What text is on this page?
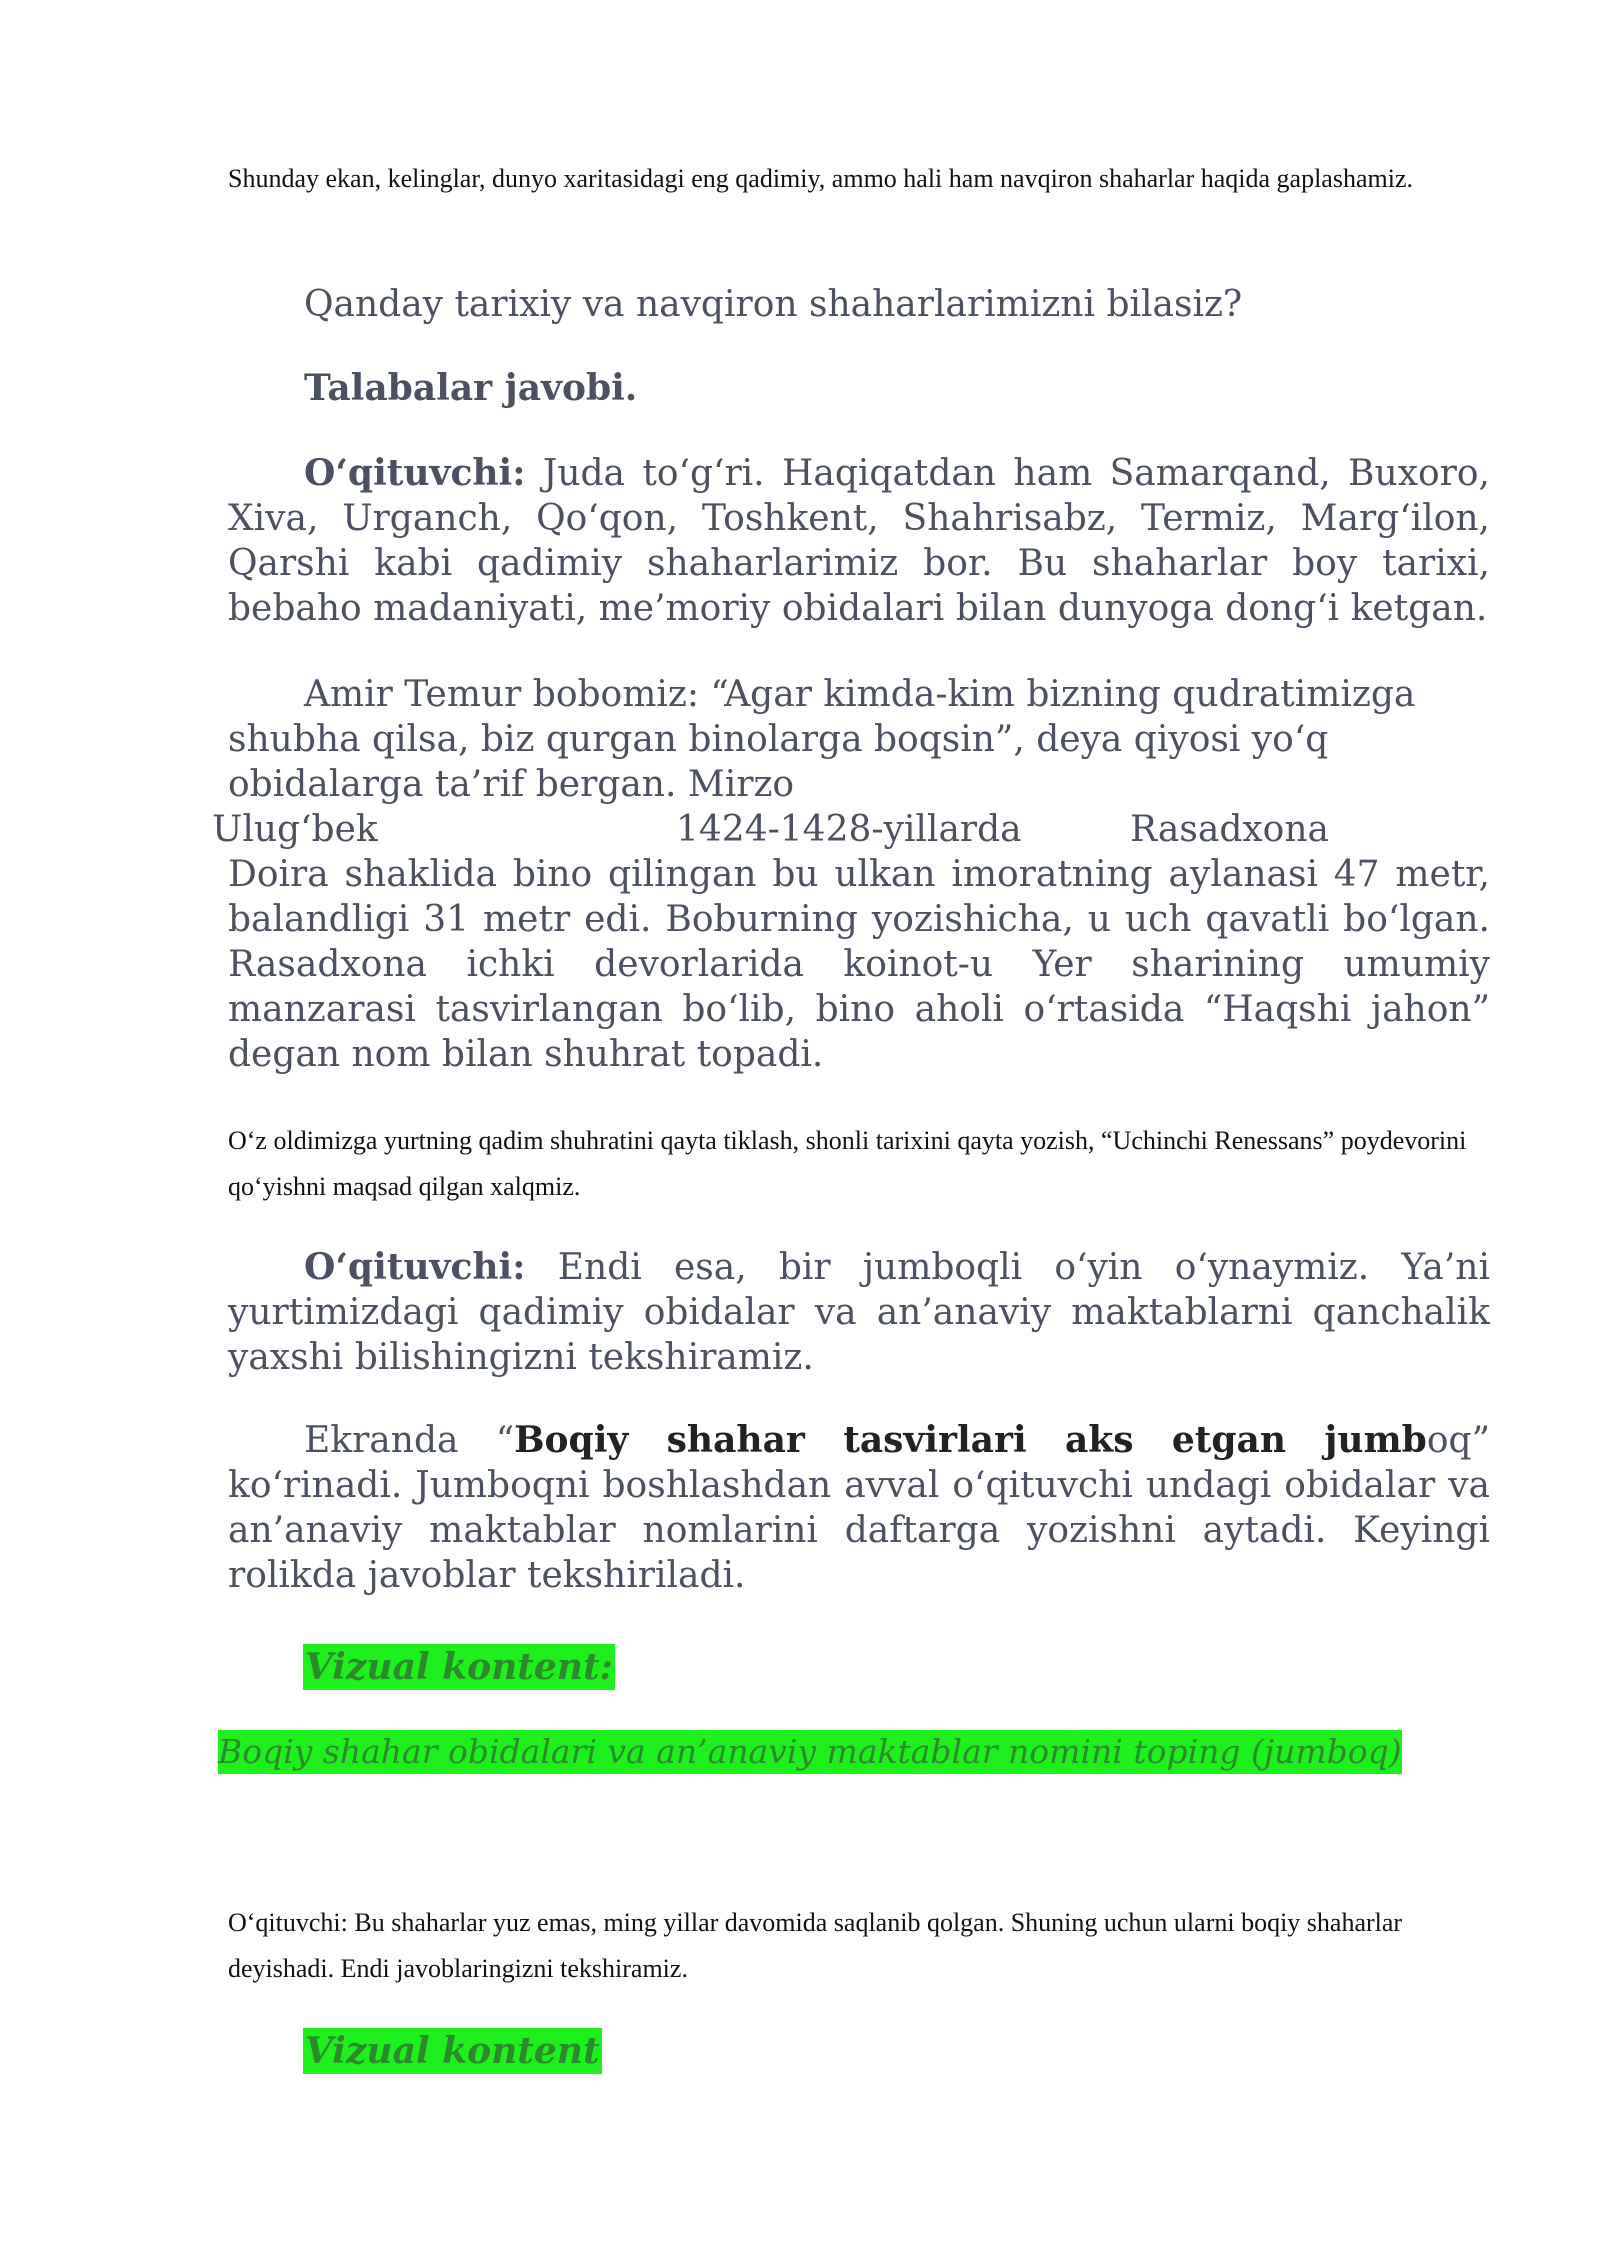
Shunday ekan, kelinglar, dunyo xaritasidagi eng qadimiy, ammo hali ham navqiron shaharlar haqida gaplashamiz.

Qanday tarixiy va navqiron shaharlarimizni bilasiz?

Talabalar javobi.

O‘qituvchi: Juda to‘g‘ri. Haqiqatdan ham Samarqand, Buxoro, Xiva, Urganch, Qo‘qon, Toshkent, Shahrisabz, Termiz, Marg‘ilon, Qarshi kabi qadimiy shaharlarimiz bor. Bu shaharlar boy tarixi, bebaho madaniyati, me’moriy obidalari bilan dunyoga dong‘i ketgan.

Amir Temur bobomiz: “Agar kimda-kim bizning qudratimizga shubha qilsa, biz qurgan binolarga boqsin”, deya qiyosi yo‘q obidalarga ta’rif bergan. Mirzo

Ulug‘bek	1424-1428-yillarda	Rasadxona

Doira shaklida bino qilingan bu ulkan imoratning aylanasi 47 metr, balandligi 31 metr edi. Boburning yozishicha, u uch qavatli bo‘lgan. Rasadxona ichki devorlarida koinot-u Yer sharining umumiy manzarasi tasvirlangan bo‘lib, bino aholi o‘rtasida “Haqshi jahon” degan nom bilan shuhrat topadi.

O‘z oldimizga yurtning qadim shuhratini qayta tiklash, shonli tarixini qayta yozish, “Uchinchi Renessans” poydevorini qo‘yishni maqsad qilgan xalqmiz.

O‘qituvchi: Endi esa, bir jumboqli o‘yin o‘ynaymiz. Ya’ni yurtimizdagi qadimiy obidalar va an’anaviy maktablarni qanchalik yaxshi bilishingizni tekshiramiz.

Ekranda “Boqiy shahar tasvirlari aks etgan jumboq” ko‘rinadi. Jumboqni boshlashdan avval o‘qituvchi undagi obidalar va an’anaviy maktablar nomlarini daftarga yozishni aytadi. Keyingi rolikda javoblar tekshiriladi.

Vizual kontent:
Boqiy shahar obidalari va an’anaviy maktablar nomini toping (jumboq)

O‘qituvchi: Bu shaharlar yuz emas, ming yillar davomida saqlanib qolgan. Shuning uchun ularni boqiy shaharlar deyishadi. Endi javoblaringizni tekshiramiz.

Vizual kontent
